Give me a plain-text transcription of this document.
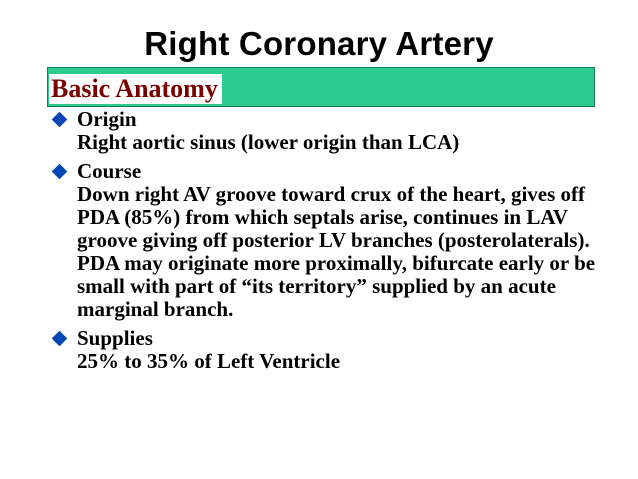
Right Coronary Artery
Basic Anatomy
Origin
Right aortic sinus (lower origin than LCA)
Course
Down right AV groove toward crux of the heart, gives off PDA (85%) from which septals arise, continues in LAV groove giving off posterior LV branches (posterolaterals). PDA may originate more proximally, bifurcate early or be small with part of “its territory” supplied by an acute marginal branch.
Supplies
25% to 35% of Left Ventricle
